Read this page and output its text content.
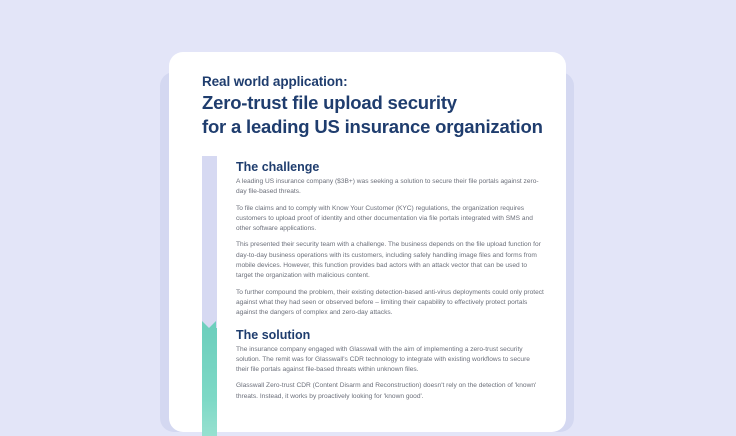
Real world application:
Zero-trust file upload security
for a leading US insurance organization
The challenge

A leading US insurance company ($3B+) was seeking a solution to secure their file portals against zero-day file-based threats.

To file claims and to comply with Know Your Customer (KYC) regulations, the organization requires customers to upload proof of identity and other documentation via file portals integrated with SMS and other software applications.

This presented their security team with a challenge. The business depends on the file upload function for day-to-day business operations with its customers, including safely handling image files and forms from mobile devices. However, this function provides bad actors with an attack vector that can be used to target the organization with malicious content.

To further compound the problem, their existing detection-based anti-virus deployments could only protect against what they had seen or observed before – limiting their capability to effectively protect portals against the dangers of complex and zero-day attacks.

The solution

The insurance company engaged with Glasswall with the aim of implementing a zero-trust security solution. The remit was for Glasswall's CDR technology to integrate with existing workflows to secure their file portals against file-based threats within unknown files.

Glasswall Zero-trust CDR (Content Disarm and Reconstruction) doesn't rely on the detection of 'known' threats. Instead, it works by proactively looking for 'known good'.
